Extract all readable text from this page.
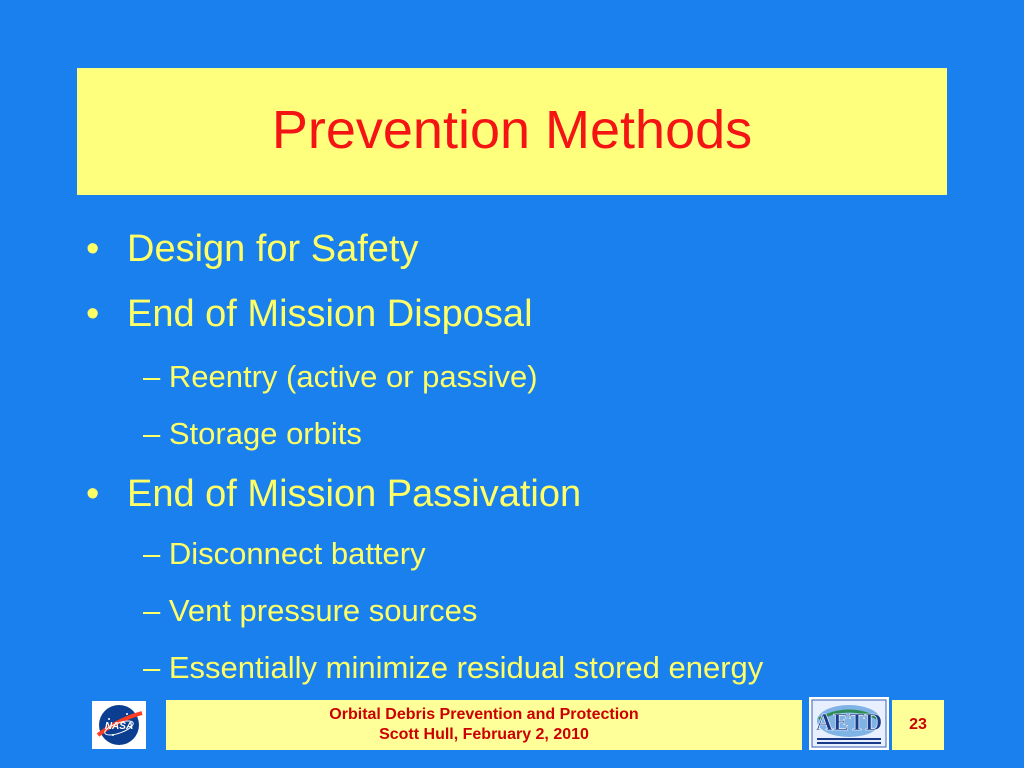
Prevention Methods
• Design for Safety
• End of Mission Disposal
– Reentry (active or passive)
– Storage orbits
• End of Mission Passivation
– Disconnect battery
– Vent pressure sources
– Essentially minimize residual stored energy
NASA
Orbital Debris Prevention and Protection
Scott Hull, February 2, 2010	AETD	23
